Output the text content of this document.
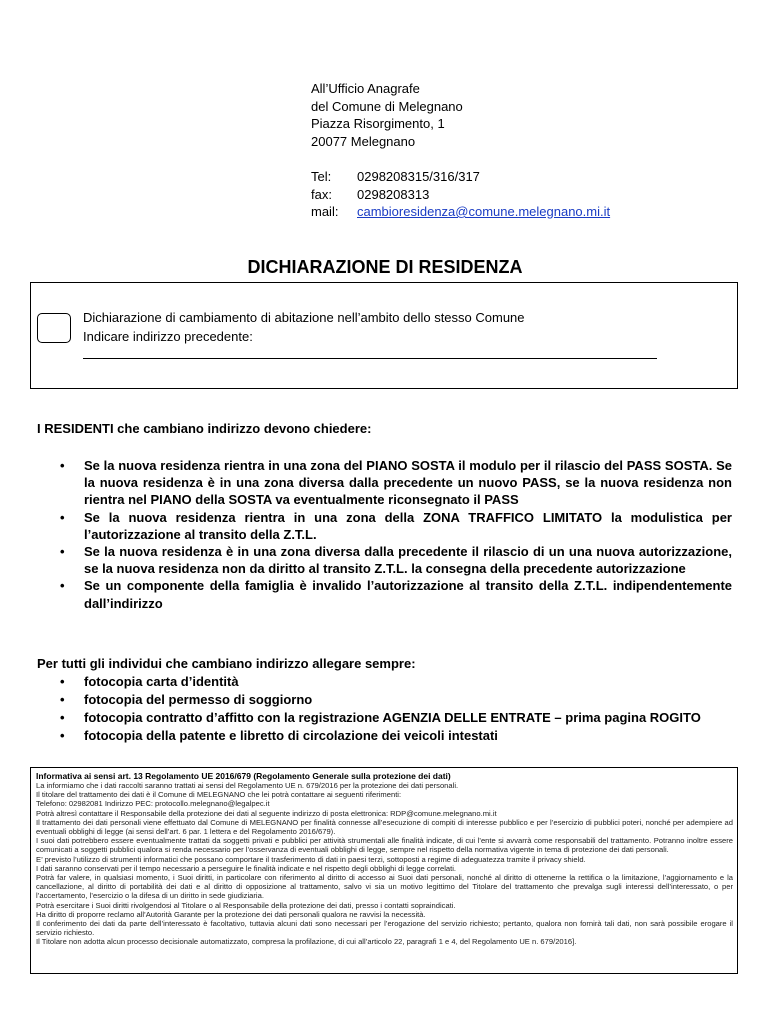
All’Ufficio Anagrafe
del Comune di Melegnano
Piazza Risorgimento, 1
20077 Melegnano
Tel:	0298208315/316/317
fax:	0298208313
mail:	cambioresidenza@comune.melegnano.mi.it
DICHIARAZIONE DI RESIDENZA
Dichiarazione di cambiamento di abitazione nell’ambito dello stesso Comune
Indicare indirizzo precedente:
I RESIDENTI che cambiano indirizzo devono chiedere:
• Se la nuova residenza rientra in una zona del PIANO SOSTA il modulo per il rilascio del PASS SOSTA. Se la nuova residenza è in una zona diversa dalla precedente un nuovo PASS, se la nuova residenza non rientra nel PIANO della SOSTA va eventualmente riconsegnato il PASS
• Se la nuova residenza rientra in una zona della ZONA TRAFFICO LIMITATO la modulistica per l’autorizzazione al transito della Z.T.L.
• Se la nuova residenza è in una zona diversa dalla precedente il rilascio di un una nuova autorizzazione, se la nuova residenza non da diritto al transito Z.T.L. la consegna della precedente autorizzazione
• Se un componente della famiglia è invalido l’autorizzazione al transito della Z.T.L. indipendentemente dall’indirizzo
Per tutti gli individui che cambiano indirizzo allegare sempre:
• fotocopia carta d’identità
• fotocopia del permesso di soggiorno
• fotocopia contratto d’affitto con la registrazione AGENZIA DELLE ENTRATE – prima pagina ROGITO
• fotocopia della patente e libretto di circolazione dei veicoli intestati

Informativa ai sensi art. 13 Regolamento UE 2016/679 (Regolamento Generale sulla protezione dei dati)

La informiamo che i dati raccolti saranno trattati ai sensi del Regolamento UE n. 679/2016 per la protezione dei dati personali.

Il titolare del trattamento dei dati è il Comune di MELEGNANO che lei potrà contattare ai seguenti riferimenti:

Telefono: 02982081 Indirizzo PEC: protocollo.melegnano@legalpec.it

Potrà altresì contattare il Responsabile della protezione dei dati al seguente indirizzo di posta elettronica: RDP@comune.melegnano.mi.it

Il trattamento dei dati personali viene effettuato dal Comune di MELEGNANO per finalità connesse all’esecuzione di compiti di interesse pubblico e per l’esercizio di pubblici poteri, nonché per adempiere ad eventuali obblighi di legge (ai sensi dell’art. 6 par. 1 lettera e del Regolamento 2016/679).

I suoi dati potrebbero essere eventualmente trattati da soggetti privati e pubblici per attività strumentali alle finalità indicate, di cui l’ente si avvarrà come responsabili del trattamento. Potranno inoltre essere comunicati a soggetti pubblici qualora si renda necessario per l’osservanza di eventuali obblighi di legge, sempre nel rispetto della normativa vigente in tema di protezione dei dati personali.

E’ previsto l’utilizzo di strumenti informatici che possano comportare il trasferimento di dati in paesi terzi, sottoposti a regime di adeguatezza tramite il privacy shield.

I dati saranno conservati per il tempo necessario a perseguire le finalità indicate e nel rispetto degli obblighi di legge correlati.

Potrà far valere, in qualsiasi momento, i Suoi diritti, in particolare con riferimento al diritto di accesso ai Suoi dati personali, nonché al diritto di ottenerne la rettifica o la limitazione, l’aggiornamento e la cancellazione, al diritto di portabilità dei dati e al diritto di opposizione al trattamento, salvo vi sia un motivo legittimo del Titolare del trattamento che prevalga sugli interessi dell’interessato, o per l’accertamento, l’esercizio o la difesa di un diritto in sede giudiziaria.

Potrà esercitare i Suoi diritti rivolgendosi al Titolare o al Responsabile della protezione dei dati, presso i contatti sopraindicati.

Ha diritto di proporre reclamo all’Autorità Garante per la protezione dei dati personali qualora ne ravvisi la necessità.

Il conferimento dei dati da parte dell’interessato è facoltativo, tuttavia alcuni dati sono necessari per l’erogazione del servizio richiesto; pertanto, qualora non fornirà tali dati, non sarà possibile erogare il servizio richiesto.

Il Titolare non adotta alcun processo decisionale automatizzato, compresa la profilazione, di cui all’articolo 22, paragrafi 1 e 4, del Regolamento UE n. 679/2016].
